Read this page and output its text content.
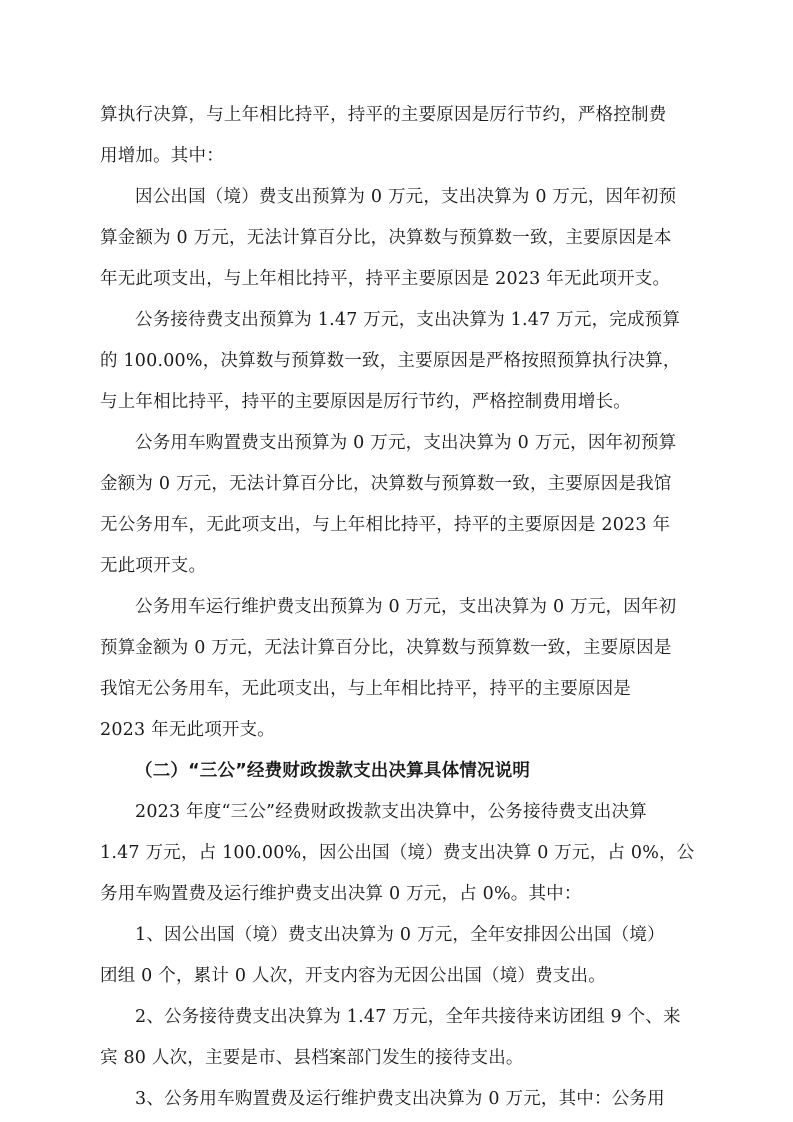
算执行决算，与上年相比持平，持平的主要原因是厉行节约，严格控制费
用增加。其中：
因公出国（境）费支出预算为 0 万元，支出决算为 0 万元，因年初预
算金额为 0 万元，无法计算百分比，决算数与预算数一致，主要原因是本
年无此项支出，与上年相比持平，持平主要原因是 2023 年无此项开支。
公务接待费支出预算为 1.47 万元，支出决算为 1.47 万元，完成预算
的 100.00%，决算数与预算数一致，主要原因是严格按照预算执行决算，
与上年相比持平，持平的主要原因是厉行节约，严格控制费用增长。
公务用车购置费支出预算为 0 万元，支出决算为 0 万元，因年初预算
金额为 0 万元，无法计算百分比，决算数与预算数一致，主要原因是我馆
无公务用车，无此项支出，与上年相比持平，持平的主要原因是 2023 年
无此项开支。
公务用车运行维护费支出预算为 0 万元，支出决算为 0 万元，因年初
预算金额为 0 万元，无法计算百分比，决算数与预算数一致，主要原因是
我馆无公务用车，无此项支出，与上年相比持平，持平的主要原因是
2023 年无此项开支。
（二）“三公”经费财政拨款支出决算具体情况说明
2023 年度“三公”经费财政拨款支出决算中，公务接待费支出决算
1.47 万元，占 100.00%，因公出国（境）费支出决算 0 万元，占 0%，公
务用车购置费及运行维护费支出决算 0 万元，占 0%。其中：
1、因公出国（境）费支出决算为 0 万元，全年安排因公出国（境）
团组 0 个，累计 0 人次，开支内容为无因公出国（境）费支出。
2、公务接待费支出决算为 1.47 万元，全年共接待来访团组 9 个、来
宾 80 人次，主要是市、县档案部门发生的接待支出。
3、公务用车购置费及运行维护费支出决算为 0 万元，其中：公务用
